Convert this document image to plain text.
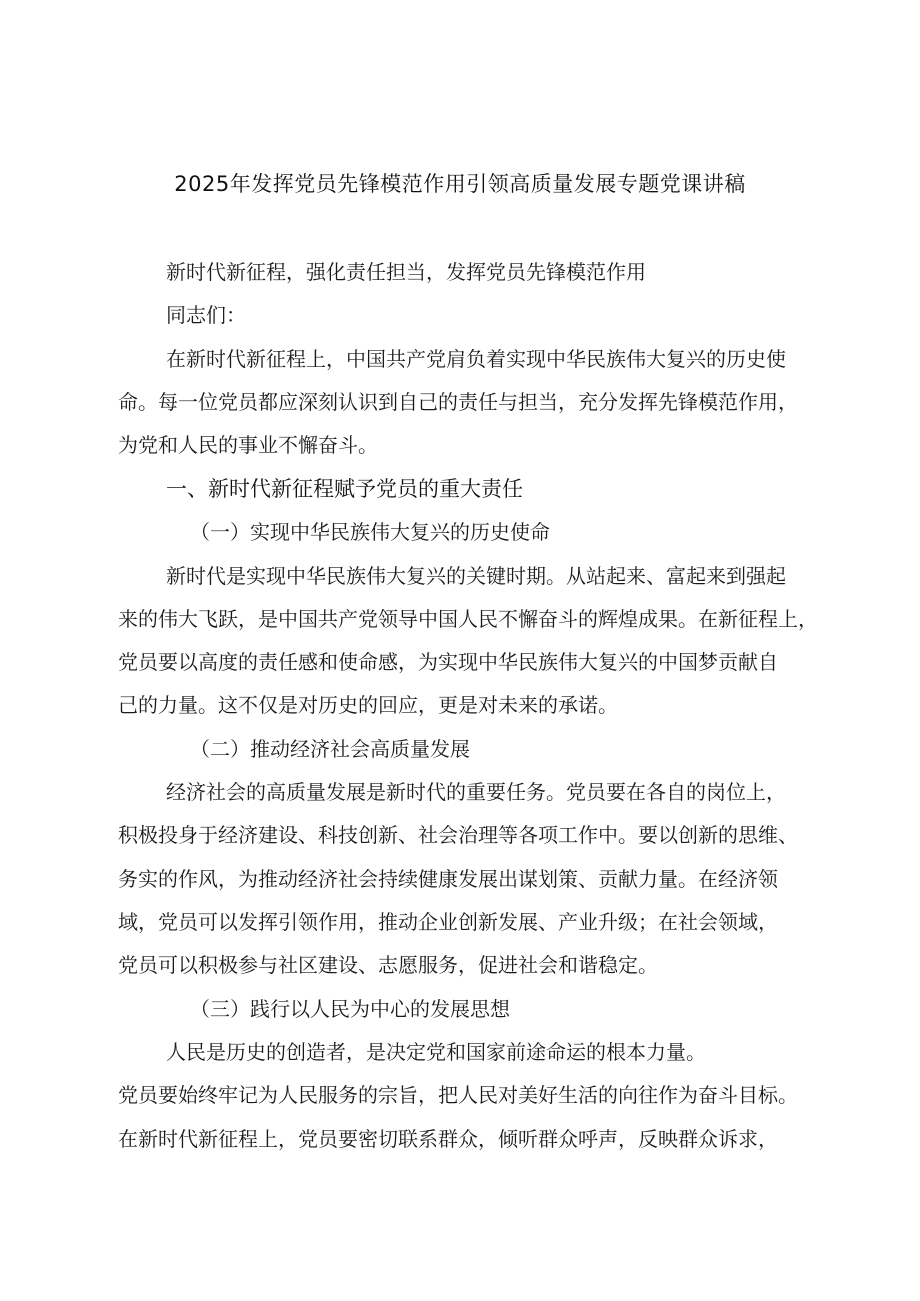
2025年发挥党员先锋模范作用引领高质量发展专题党课讲稿
新时代新征程，强化责任担当，发挥党员先锋模范作用
同志们：
在新时代新征程上，中国共产党肩负着实现中华民族伟大复兴的历史使
命。每一位党员都应深刻认识到自己的责任与担当，充分发挥先锋模范作用，
为党和人民的事业不懈奋斗。
一、新时代新征程赋予党员的重大责任
（一）实现中华民族伟大复兴的历史使命
新时代是实现中华民族伟大复兴的关键时期。从站起来、富起来到强起
来的伟大飞跃，是中国共产党领导中国人民不懈奋斗的辉煌成果。在新征程上，
党员要以高度的责任感和使命感，为实现中华民族伟大复兴的中国梦贡献自
己的力量。这不仅是对历史的回应，更是对未来的承诺。
（二）推动经济社会高质量发展
经济社会的高质量发展是新时代的重要任务。党员要在各自的岗位上，
积极投身于经济建设、科技创新、社会治理等各项工作中。要以创新的思维、
务实的作风，为推动经济社会持续健康发展出谋划策、贡献力量。在经济领
域，党员可以发挥引领作用，推动企业创新发展、产业升级；在社会领域，
党员可以积极参与社区建设、志愿服务，促进社会和谐稳定。
（三）践行以人民为中心的发展思想
人民是历史的创造者，是决定党和国家前途命运的根本力量。
党员要始终牢记为人民服务的宗旨，把人民对美好生活的向往作为奋斗目标。
在新时代新征程上，党员要密切联系群众，倾听群众呼声，反映群众诉求，
